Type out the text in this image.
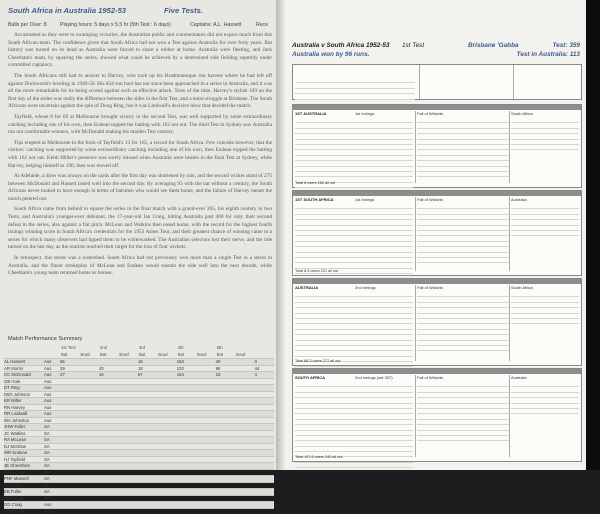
South Africa in Australia 1952-53	Five Tests.
Balls per Over: 8	Playing hours: 5 days x 5.5 hr (5th Test : 6 days)	Captains: A.L. Hassett	Rece

Accustomed as they were to swamping victories, the Australian public and commentators did not expect much from this South African team. The confidence given that South Africa had not won a Test against Australia for over forty years. But history was turned on its head as Australia were forced to share a rubber at home. Australia were fleeting, and Jack Cheetham's team, by squaring the series, showed what could be achieved by a determined side fielding superbly under committed captaincy.

The South Africans still had to answer to Harvey, who took up his Bradmanesque run harvest where he had left off against Duckworth's bowling in 1949-50. His 834-run haul has not since been approached in a series in Australia, and it was all the more remarkable for its being scored against such an effective attack. Tests of the time. Harvey's stylish 109 on the first day of the series was really the difference between the sides in the first Test, and a tense struggle at Brisbane. The South Africans were uncertain against the spin of Doug Ring, but it was Lindwall's decisive blow that decided the match.

Tayfield, whose 8 for 69 at Melbourne brought victory in the second Test, was well supported by some extraordinary catching including one of his own, then Endean topped the batting with 162 not out. The third Test in Sydney saw Australia run out comfortable winners, with McDonald making his maiden Test century.

Tips erupted at Melbourne in the form of Tayfield's 13 for 165, a record for South Africa. Few concede however, that the visitors' catching was supported by some extraordinary catching including one of his own, then Endean topped the batting with 162 not out. Keith Miller's presence was sorely missed when Australia were beaten in the final Test at Sydney, while Harvey, helping himself to 190, then was moved off.

At Adelaide, a draw was always on the cards after the first day was shortened by rain, and the second wicket stand of 275 between McDonald and Hassett lasted well into the second day. By averaging 93 with the bat without a century, the South Africans never looked to have enough in terms of batsmen who would see them home, and the failure of Harvey meant the match petered out.

South Africa came from behind to square the series in the final match with a grand-ever 205, his eighth century in two Tests, and Australia's younger-ever debutant, the 17-year-old Ian Craig, hitting Australia past 400 for only their second defeat in the series, also against a flat pitch. McLean and Watkins then eased home, with the record for the highest fourth innings winning score in South Africa's credentials for the 1953 Ashes Tour, and their greatest chance of winning came in a series for which many observers had tipped them to be whitewashed. The Australian selectors lost their nerve, and the tide turned on the last day, as the tourists reached their target for the loss of four wickets.

In retrospect, this series was a watershed. South Africa had not previously won more than a single Test in a series in Australia, and the fluent strokeplay of McLean and Endean would sustain the side well into the next decade, while Cheetham's young team returned home as heroes.

Match Performance Summary
		1st Test		2nd		3rd		4th		5th		
		Bat	Bowl	Bat	Bowl	Bat	Bowl	Bat	Bowl	Bat	Bowl	
AL Hassett	Aus	55				18		163		40		0
AR Morris	Aus	29		43		18		122		99		44
CC McDonald	Aus	27		16		67		154		18		4
GB Hole	Aus											
DT Ring	Aus											
IWG Johnson	Aus											
KR Miller	Aus											
RN Harvey	Aus											
RR Lindwall	Aus											
WA Johnston	Aus											
JHW Fuller	SA											
JC Watkins	SA											
RA McLean	SA											
DJ McGlew	SA											
WR Endean	SA											
HJ Tayfield	SA											
JE Cheetham	SA											
KJ Funston	SA											
PNF Mansell	SA											
AR Melle	SA											
EB Fuller	SA											
WR Waite	SA											
GD Craig	Aus											
RG Archer	Aus											
Australia v South Africa 1952-53 1st Test	Brisbane 'Gabba	Test: 359
Australia won by 96 runs.	Test in Australia: 113
1ST AUSTRALIA	1st Innings	Fall of Wickets	South Africa
Total 8 overs 280 all out
1ST SOUTH AFRICA	1st Innings	Fall of Wickets	Australia
Total 8.3 overs 221 all out
AUSTRALIA	2nd Innings	Fall of Wickets	South Africa
Total 88.3 overs 277 all out
SOUTH AFRICA	2nd Innings (set 337)	Fall of Wickets	Australia
Total 107.6 overs 240 all out
